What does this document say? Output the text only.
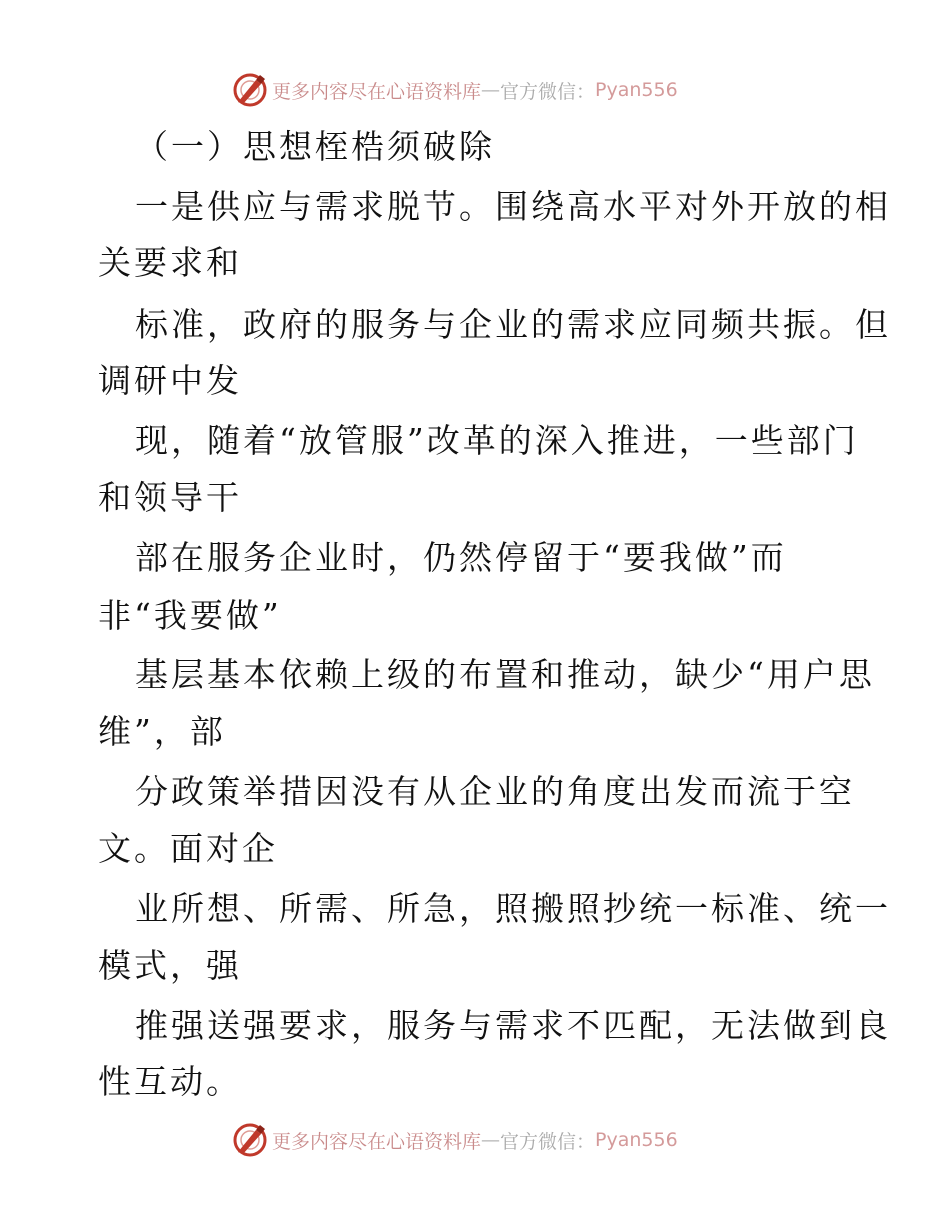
更多内容尽在心语资料库 — 官方微信： Pyan556
（一）思想桎梏须破除
一是供应与需求脱节。围绕高水平对外开放的相
关要求和
标准，政府的服务与企业的需求应同频共振。但
调研中发
现，随着“放管服”改革的深入推进，一些部门
和领导干
部在服务企业时，仍然停留于“要我做”而
非“我要做”
基层基本依赖上级的布置和推动，缺少“用户思
维”，部
分政策举措因没有从企业的角度出发而流于空
文。面对企
业所想、所需、所急，照搬照抄统一标准、统一
模式，强
推强送强要求，服务与需求不匹配，无法做到良
性互动。
更多内容尽在心语资料库 — 官方微信： Pyan556
